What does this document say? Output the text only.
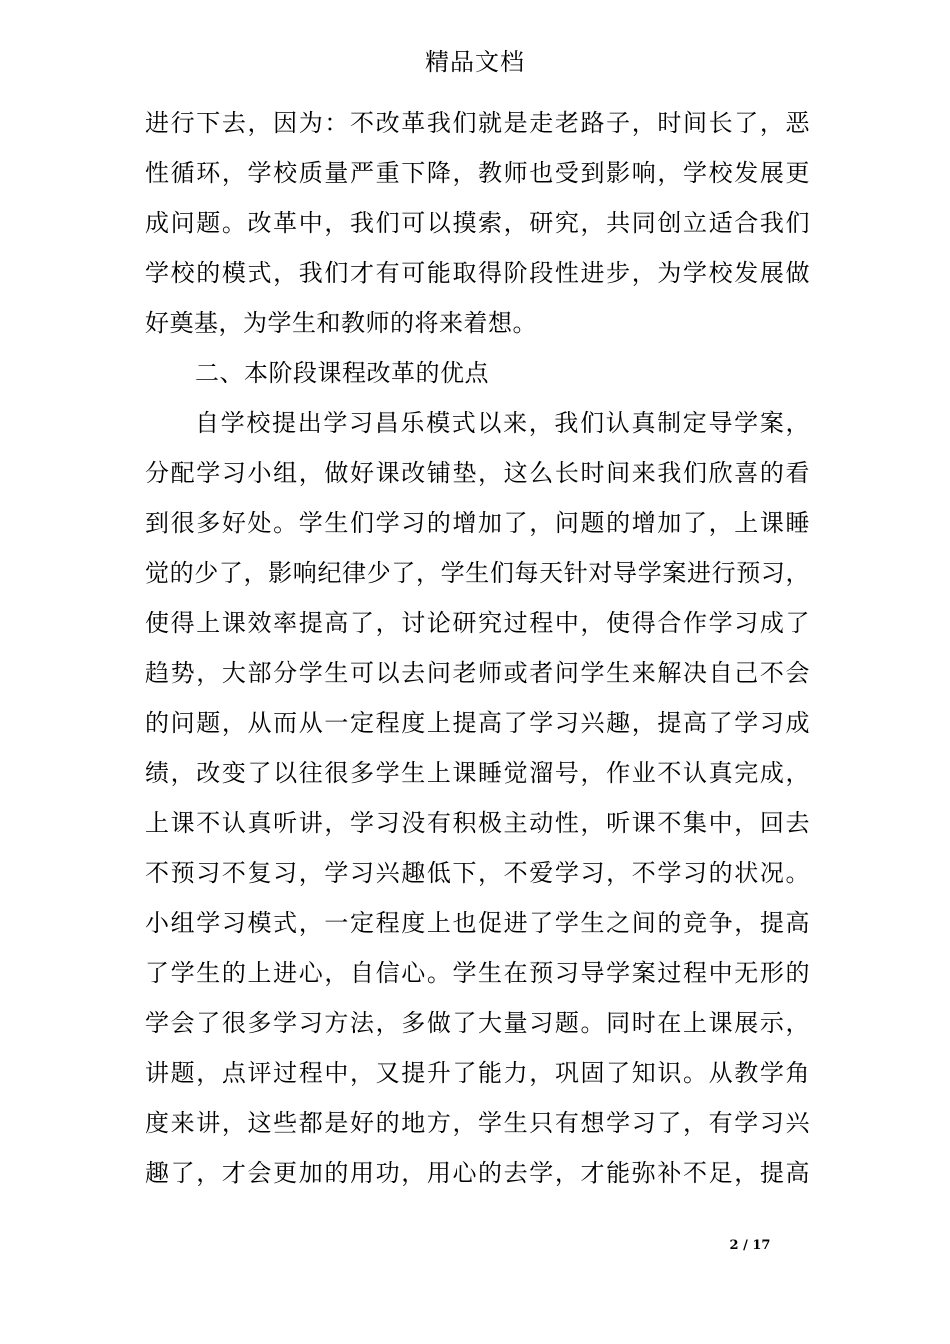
精品文档
进行下去，因为：不改革我们就是走老路子，时间长了，恶
性循环，学校质量严重下降，教师也受到影响，学校发展更
成问题。改革中，我们可以摸索，研究，共同创立适合我们
学校的模式，我们才有可能取得阶段性进步，为学校发展做
好奠基，为学生和教师的将来着想。
二、本阶段课程改革的优点
自学校提出学习昌乐模式以来，我们认真制定导学案，
分配学习小组，做好课改铺垫，这么长时间来我们欣喜的看
到很多好处。学生们学习的增加了，问题的增加了，上课睡
觉的少了，影响纪律少了，学生们每天针对导学案进行预习，
使得上课效率提高了，讨论研究过程中，使得合作学习成了
趋势，大部分学生可以去问老师或者问学生来解决自己不会
的问题，从而从一定程度上提高了学习兴趣，提高了学习成
绩，改变了以往很多学生上课睡觉溜号，作业不认真完成，
上课不认真听讲，学习没有积极主动性，听课不集中，回去
不预习不复习，学习兴趣低下，不爱学习，不学习的状况。
小组学习模式，一定程度上也促进了学生之间的竞争，提高
了学生的上进心，自信心。学生在预习导学案过程中无形的
学会了很多学习方法，多做了大量习题。同时在上课展示，
讲题，点评过程中，又提升了能力，巩固了知识。从教学角
度来讲，这些都是好的地方，学生只有想学习了，有学习兴
趣了，才会更加的用功，用心的去学，才能弥补不足，提高
2 / 17
